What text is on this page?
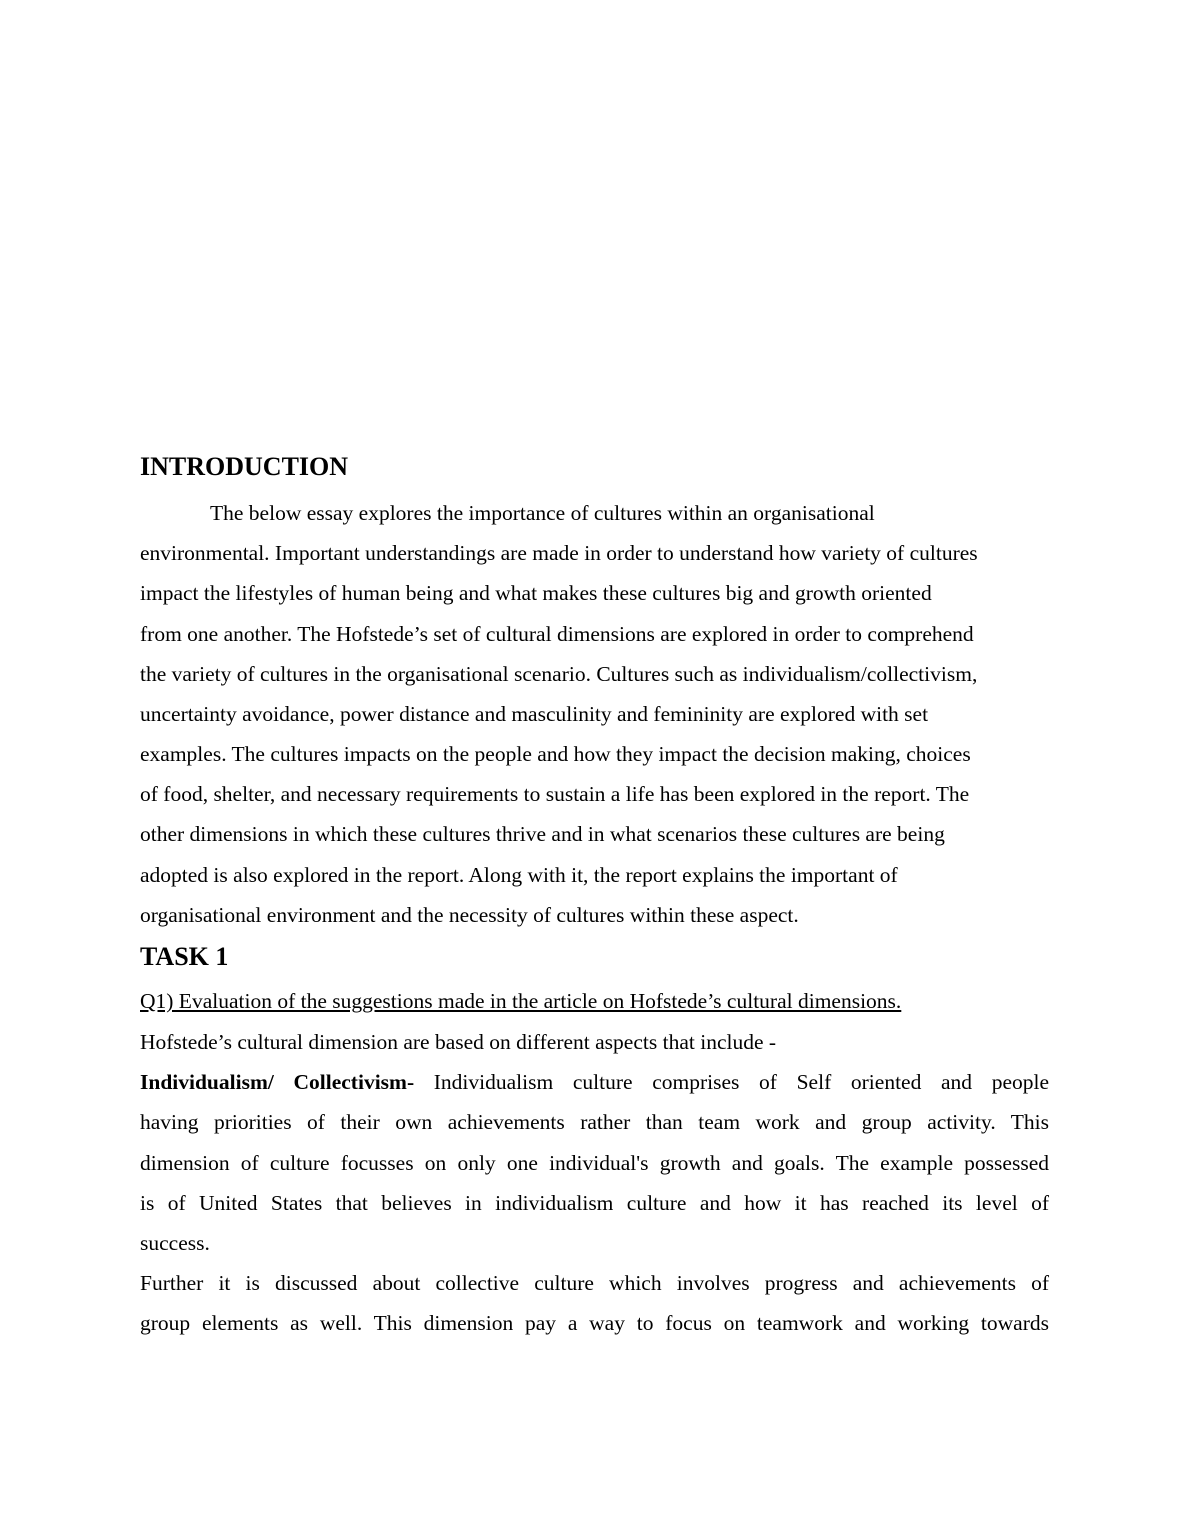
INTRODUCTION
The below essay explores the importance of cultures within an organisational
environmental. Important understandings are made in order to understand how variety of cultures
impact the lifestyles of human being and what makes these cultures big and growth oriented
from one another. The Hofstede’s set of cultural dimensions are explored in order to comprehend
the variety of cultures in the organisational scenario. Cultures such as individualism/collectivism,
uncertainty avoidance, power distance and masculinity and femininity are explored with set
examples. The cultures impacts on the people and how they impact the decision making, choices
of food, shelter, and necessary requirements to sustain a life has been explored in the report. The
other dimensions in which these cultures thrive and in what scenarios these cultures are being
adopted is also explored in the report. Along with it, the report explains the important of
organisational environment and the necessity of cultures within these aspect.
TASK 1
Q1) Evaluation of the suggestions made in the article on Hofstede’s cultural dimensions.
Hofstede’s cultural dimension are based on different aspects that include -
Individualism/ Collectivism- Individualism culture comprises of Self oriented and people
having priorities of their own achievements rather than team work and group activity. This
dimension of culture focusses on only one individual's growth and goals. The example possessed
is of United States that believes in individualism culture and how it has reached its level of
success.
Further it is discussed about collective culture which involves progress and achievements of
group elements as well. This dimension pay a way to focus on teamwork and working towards
